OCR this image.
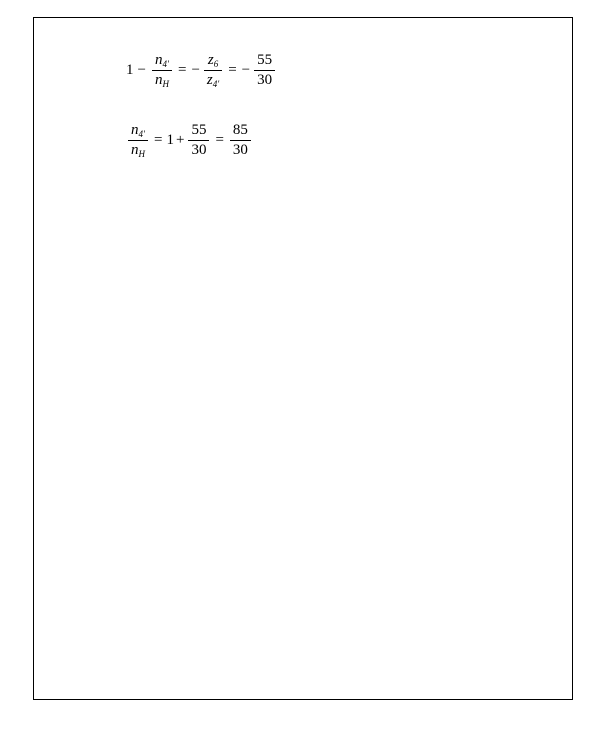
$1 - \frac{n_{4'}}{n_H}$ = − $\frac{z_6}{z_{4'}}$ = − $\frac{55}{30}$
$\frac{n_{4'}}{n_H} = 1 + \frac{55}{30} = \frac{85}{30}$
